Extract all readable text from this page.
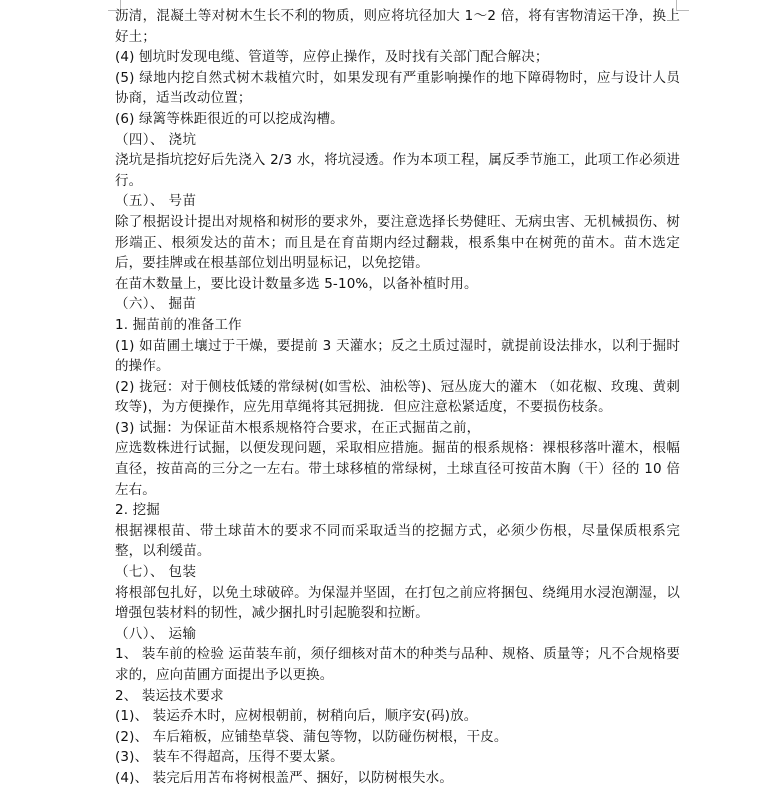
沥清，混凝土等对树木生长不利的物质，则应将坑径加大 1～2 倍，将有害物清运干净，换上好土；

(4) 刨坑时发现电缆、管道等，应停止操作，及时找有关部门配合解决；

(5) 绿地内挖自然式树木栽植穴时，如果发现有严重影响操作的地下障碍物时，应与设计人员协商，适当改动位置；

(6) 绿篱等株距很近的可以挖成沟槽。

（四）、 浇坑

浇坑是指坑挖好后先浇入 2/3 水，将坑浸透。作为本项工程，属反季节施工，此项工作必须进行。

（五）、 号苗

除了根据设计提出对规格和树形的要求外，要注意选择长势健旺、无病虫害、无机械损伤、树形端正、根须发达的苗木；而且是在育苗期内经过翻栽，根系集中在树蔸的苗木。苗木选定后，要挂牌或在根基部位划出明显标记，以免挖错。

在苗木数量上，要比设计数量多选 5-10%，以备补植时用。

（六）、 掘苗

1. 掘苗前的准备工作

(1) 如苗圃土壤过于干燥，要提前 3 天灌水；反之土质过湿时，就提前设法排水，以利于掘时的操作。

(2) 拢冠：对于侧枝低矮的常绿树(如雪松、油松等)、冠丛庞大的灌木 （如花椒、玫瑰、黄刺玫等)，为方便操作，应先用草绳将其冠拥拢．但应注意松紧适度，不要损伤枝条。

(3) 试掘：为保证苗木根系规格符合要求，在正式掘苗之前，

应选数株进行试掘，以便发现问题，采取相应措施。掘苗的根系规格：裸根移落叶灌木，根幅直径，按苗高的三分之一左右。带土球移植的常绿树，土球直径可按苗木胸（干）径的 10 倍左右。

2. 挖掘

根据裸根苗、带土球苗木的要求不同而采取适当的挖掘方式，必须少伤根，尽量保质根系完整，以利缓苗。

（七）、 包装

将根部包扎好，以免土球破碎。为保湿并坚固，在打包之前应将捆包、绕绳用水浸泡潮湿，以增强包装材料的韧性，减少捆扎时引起脆裂和拉断。

（八）、 运输

1、 装车前的检验 运苗装车前，须仔细核对苗木的种类与品种、规格、质量等；凡不合规格要求的，应向苗圃方面提出予以更换。

2、 装运技术要求

(1)、 装运乔木时，应树根朝前，树稍向后，顺序安(码)放。

(2)、 车后箱板，应铺垫草袋、蒲包等物，以防碰伤树根，干皮。

(3)、 装车不得超高，压得不要太紧。

(4)、 装完后用苫布将树根盖严、捆好，以防树根失水。
